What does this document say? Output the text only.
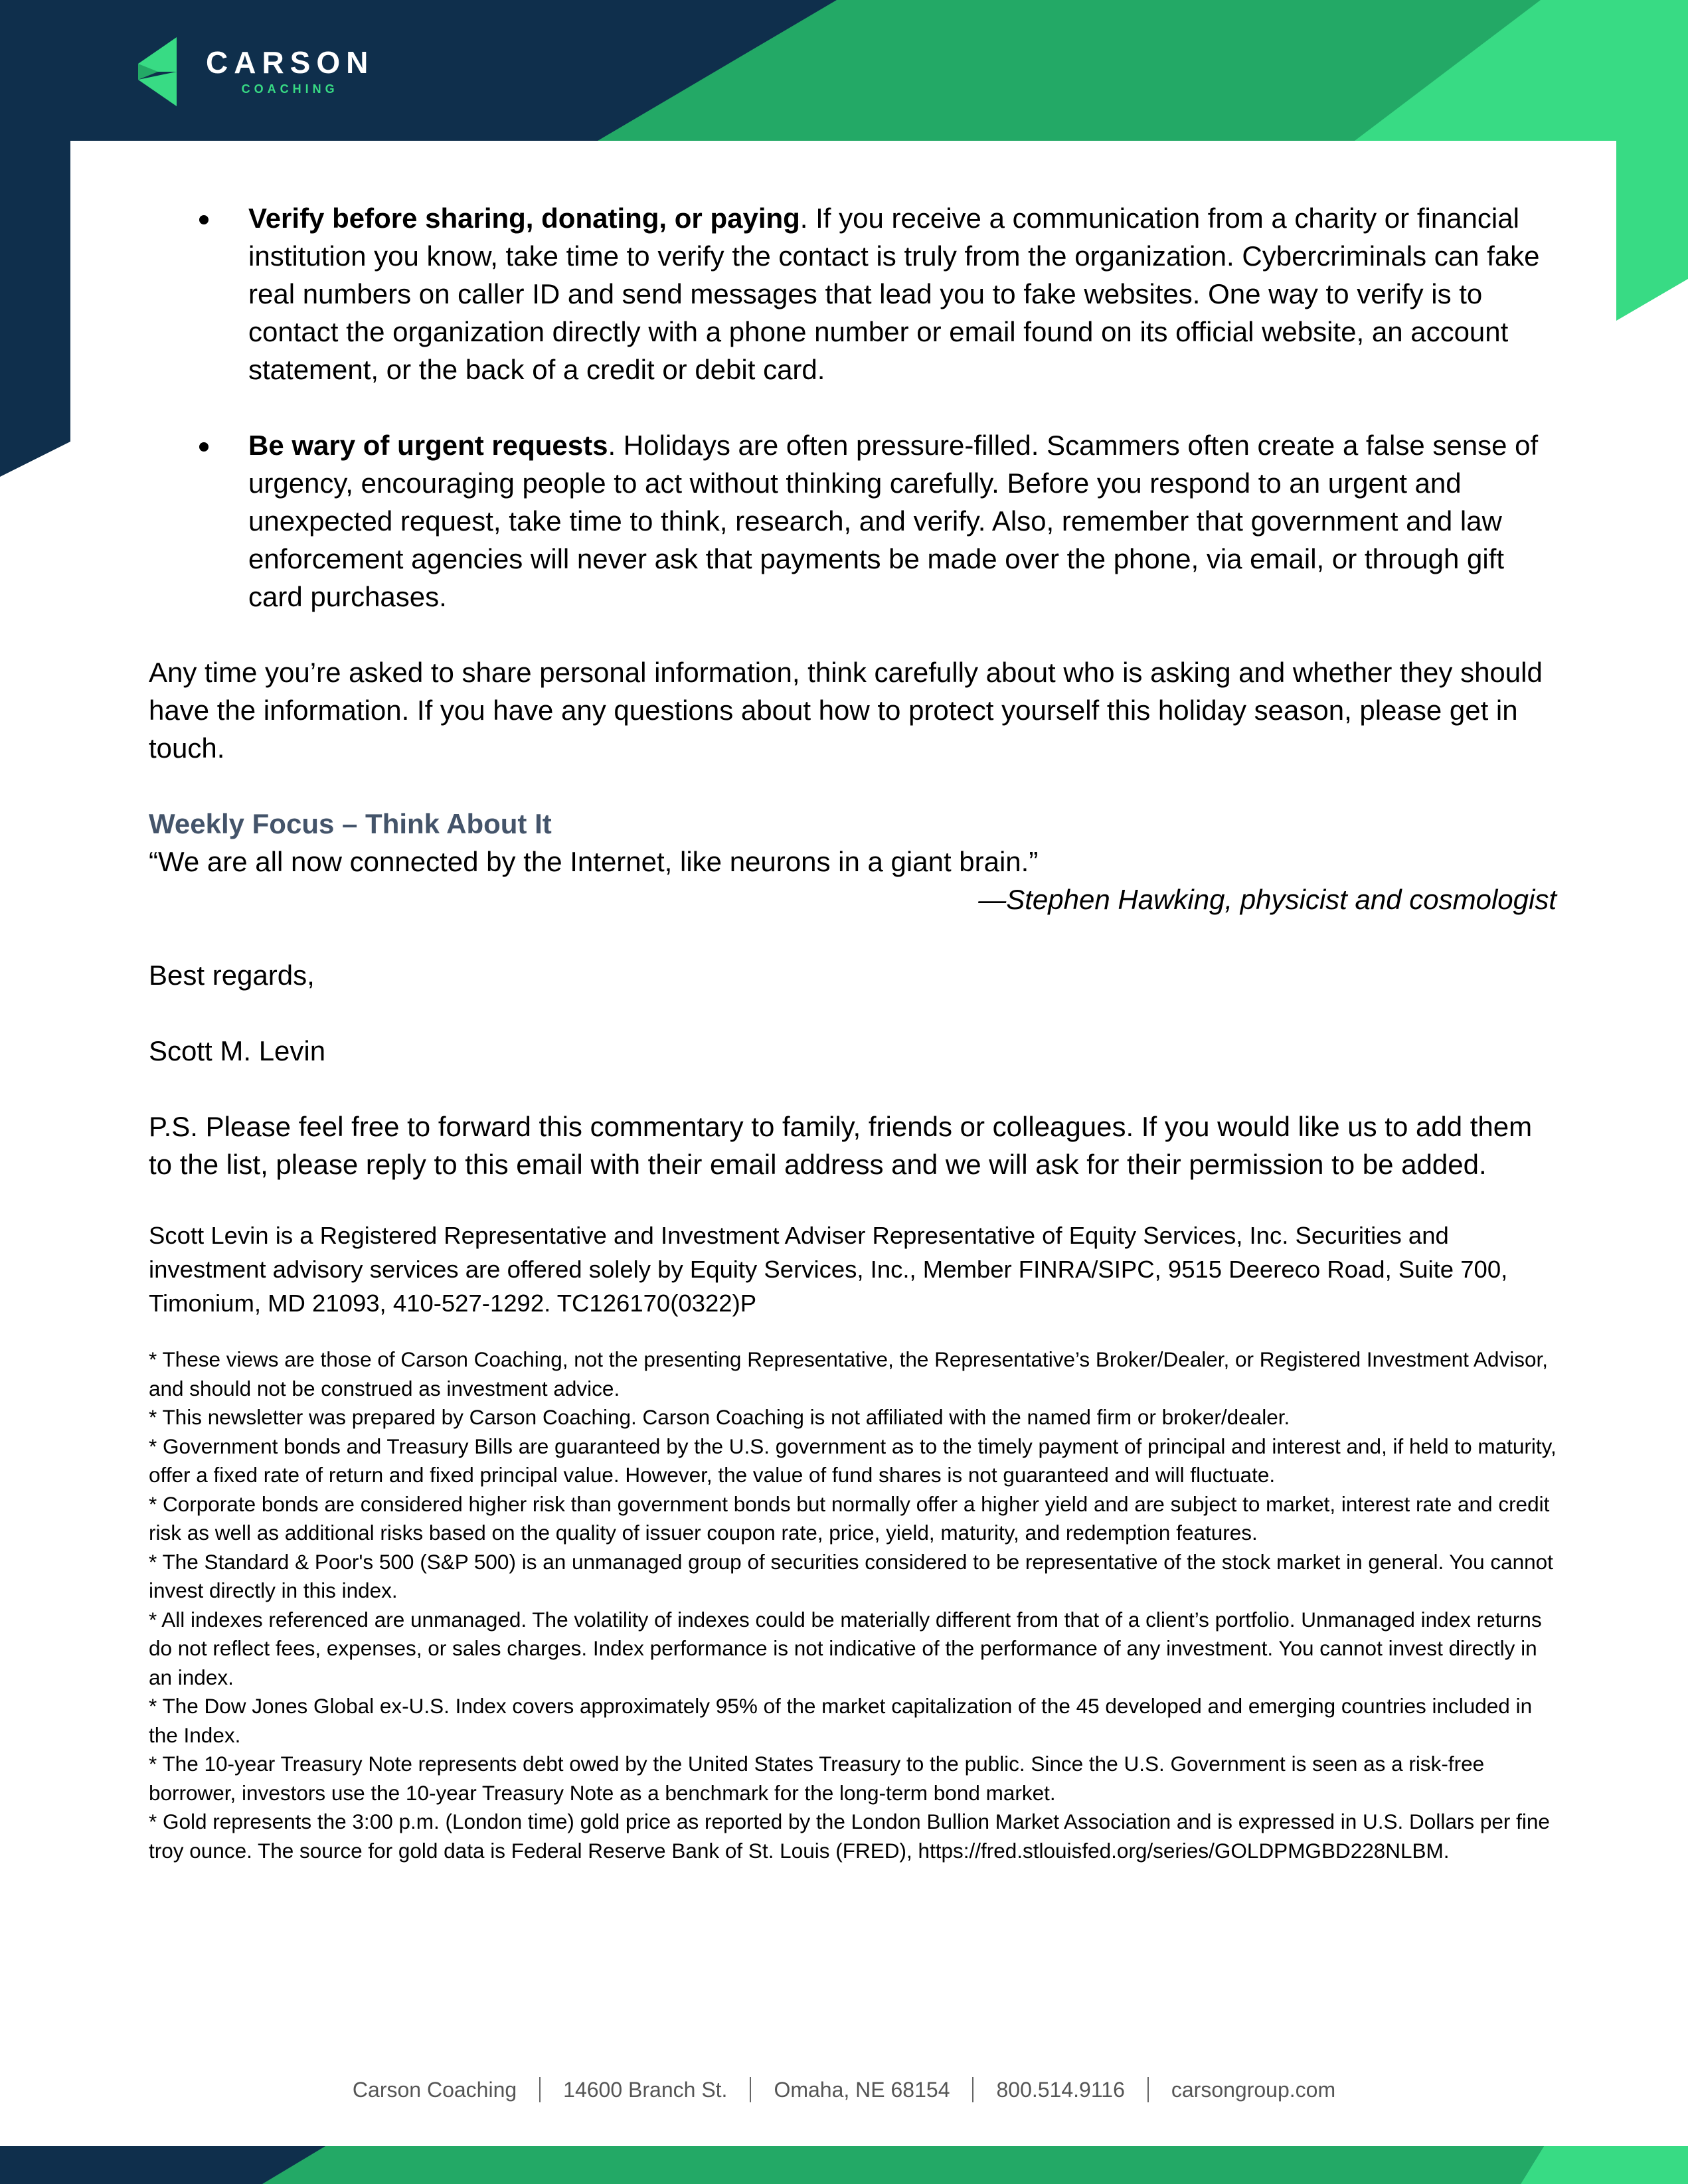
CARSON
COACHING
Verify before sharing, donating, or paying. If you receive a communication from a charity or financial institution you know, take time to verify the contact is truly from the organization. Cybercriminals can fake real numbers on caller ID and send messages that lead you to fake websites. One way to verify is to contact the organization directly with a phone number or email found on its official website, an account statement, or the back of a credit or debit card.
Be wary of urgent requests. Holidays are often pressure-filled. Scammers often create a false sense of urgency, encouraging people to act without thinking carefully. Before you respond to an urgent and unexpected request, take time to think, research, and verify. Also, remember that government and law enforcement agencies will never ask that payments be made over the phone, via email, or through gift card purchases.

Any time you’re asked to share personal information, think carefully about who is asking and whether they should have the information. If you have any questions about how to protect yourself this holiday season, please get in touch.

Weekly Focus – Think About It

“We are all now connected by the Internet, like neurons in a giant brain.”

—Stephen Hawking, physicist and cosmologist

Best regards,

Scott M. Levin

P.S. Please feel free to forward this commentary to family, friends or colleagues. If you would like us to add them to the list, please reply to this email with their email address and we will ask for their permission to be added.

Scott Levin is a Registered Representative and Investment Adviser Representative of Equity Services, Inc. Securities and investment advisory services are offered solely by Equity Services, Inc., Member FINRA/SIPC, 9515 Deereco Road, Suite 700, Timonium, MD 21093, 410-527-1292. TC126170(0322)P

* These views are those of Carson Coaching, not the presenting Representative, the Representative’s Broker/Dealer, or Registered Investment Advisor, and should not be construed as investment advice.

* This newsletter was prepared by Carson Coaching. Carson Coaching is not affiliated with the named firm or broker/dealer.

* Government bonds and Treasury Bills are guaranteed by the U.S. government as to the timely payment of principal and interest and, if held to maturity, offer a fixed rate of return and fixed principal value. However, the value of fund shares is not guaranteed and will fluctuate.

* Corporate bonds are considered higher risk than government bonds but normally offer a higher yield and are subject to market, interest rate and credit risk as well as additional risks based on the quality of issuer coupon rate, price, yield, maturity, and redemption features.

* The Standard & Poor's 500 (S&P 500) is an unmanaged group of securities considered to be representative of the stock market in general. You cannot invest directly in this index.

* All indexes referenced are unmanaged. The volatility of indexes could be materially different from that of a client’s portfolio. Unmanaged index returns do not reflect fees, expenses, or sales charges. Index performance is not indicative of the performance of any investment. You cannot invest directly in an index.

* The Dow Jones Global ex-U.S. Index covers approximately 95% of the market capitalization of the 45 developed and emerging countries included in the Index.

* The 10-year Treasury Note represents debt owed by the United States Treasury to the public. Since the U.S. Government is seen as a risk-free borrower, investors use the 10-year Treasury Note as a benchmark for the long-term bond market.

* Gold represents the 3:00 p.m. (London time) gold price as reported by the London Bullion Market Association and is expressed in U.S. Dollars per fine troy ounce. The source for gold data is Federal Reserve Bank of St. Louis (FRED), https://fred.stlouisfed.org/series/GOLDPMGBD228NLBM.

Carson Coaching	14600 Branch St.	Omaha, NE 68154	800.514.9116	carsongroup.com
